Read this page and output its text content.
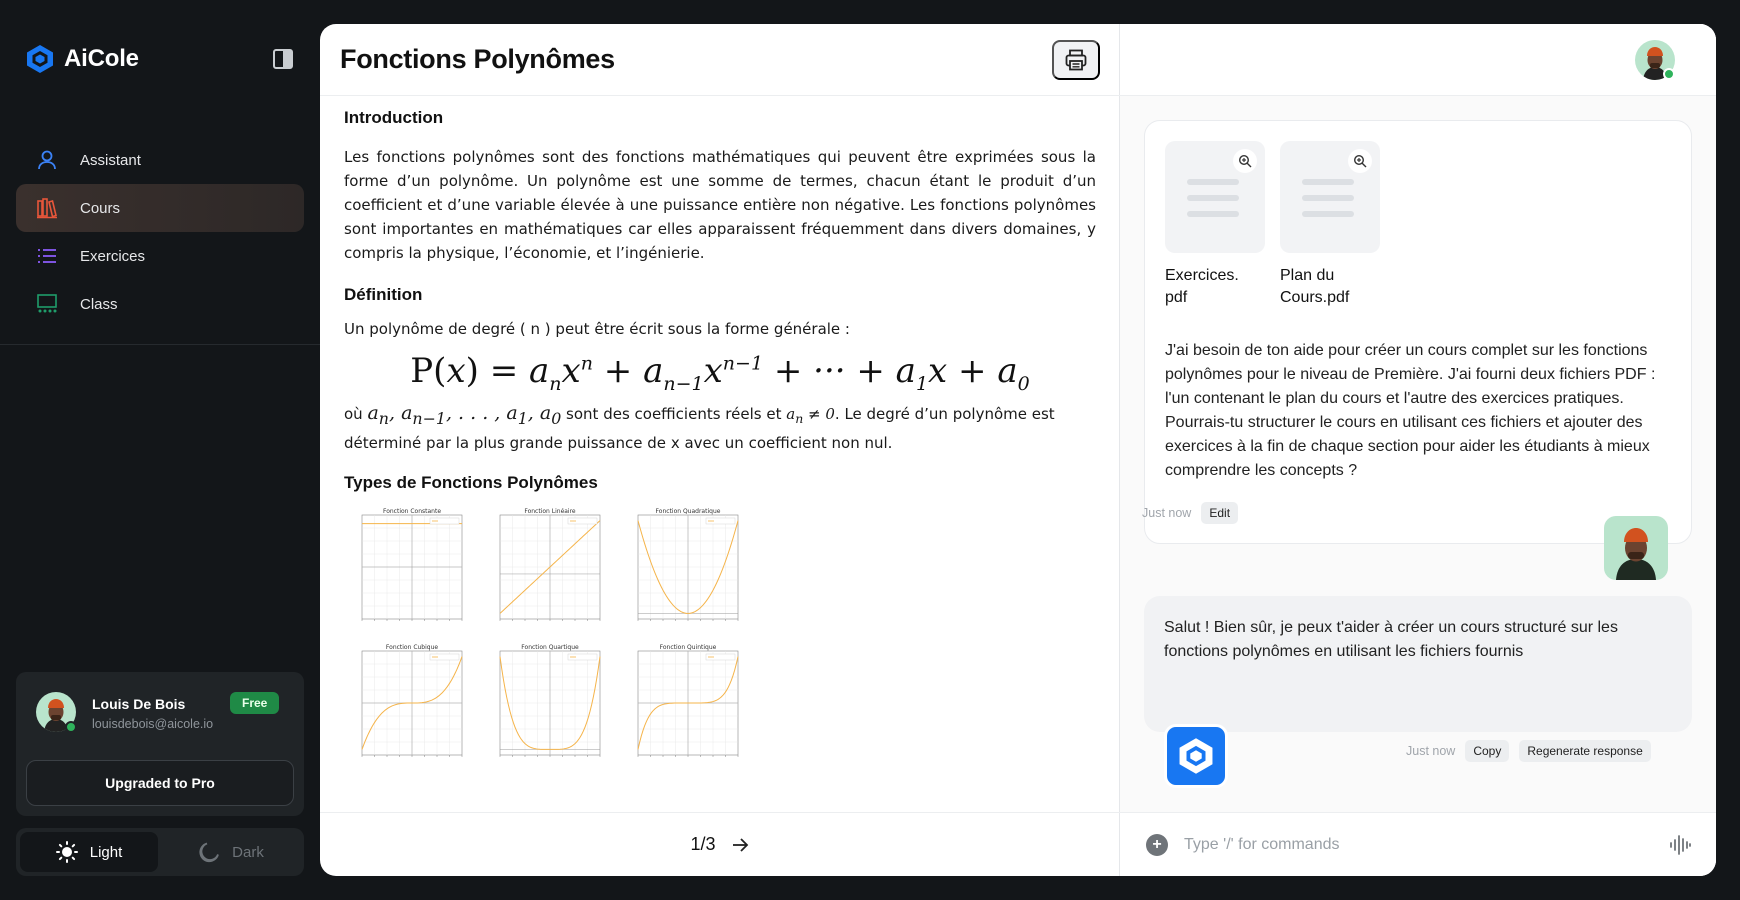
AiCole
Assistant
Cours
Exercices
Class
Louis De Bois
louisdebois@aicole.io
Free
Upgraded to Pro
Light	Dark
Fonctions Polynômes
Introduction

Les fonctions polynômes sont des fonctions mathématiques qui peuvent être exprimées sous la forme d’un polynôme. Un polynôme est une somme de termes, chacun étant le produit d’un coefficient et d’une variable élevée à une puissance entière non négative. Les fonctions polynômes sont importantes en mathématiques car elles apparaissent fréquemment dans divers domaines, y compris la physique, l’économie, et l’ingénierie.

Définition

Un polynôme de degré ( n ) peut être écrit sous la forme générale :

$P(x) = a_nx^n + a_{n-1}x^{n-1}$ + ··· + $a_1x + a_0$

où $a_n$, $a_{n-1}$, . . . , $a_1$, $a_0$ sont des coefficients réels et $a_n \ne 0$. Le degré d’un polynôme est déterminé par la plus grande puissance de x avec un coefficient non nul.

Types de Fonctions Polynômes
Fonction Constante	Fonction Linéaire	Fonction Quadratique
Fonction Cubique	Fonction Quartique	Fonction Quintique
1/3
Exercices. pdf
Plan du Cours.pdf
J'ai besoin de ton aide pour créer un cours complet sur les fonctions polynômes pour le niveau de Première. J'ai fourni deux fichiers PDF : l'un contenant le plan du cours et l'autre des exercices pratiques. Pourrais-tu structurer le cours en utilisant ces fichiers et ajouter des exercices à la fin de chaque section pour aider les étudiants à mieux comprendre les concepts ?
Just now	Edit
Salut ! Bien sûr, je peux t'aider à créer un cours structuré sur les fonctions polynômes en utilisant les fichiers fournis
Just now	Copy	Regenerate response
+
Type '/' for commands
